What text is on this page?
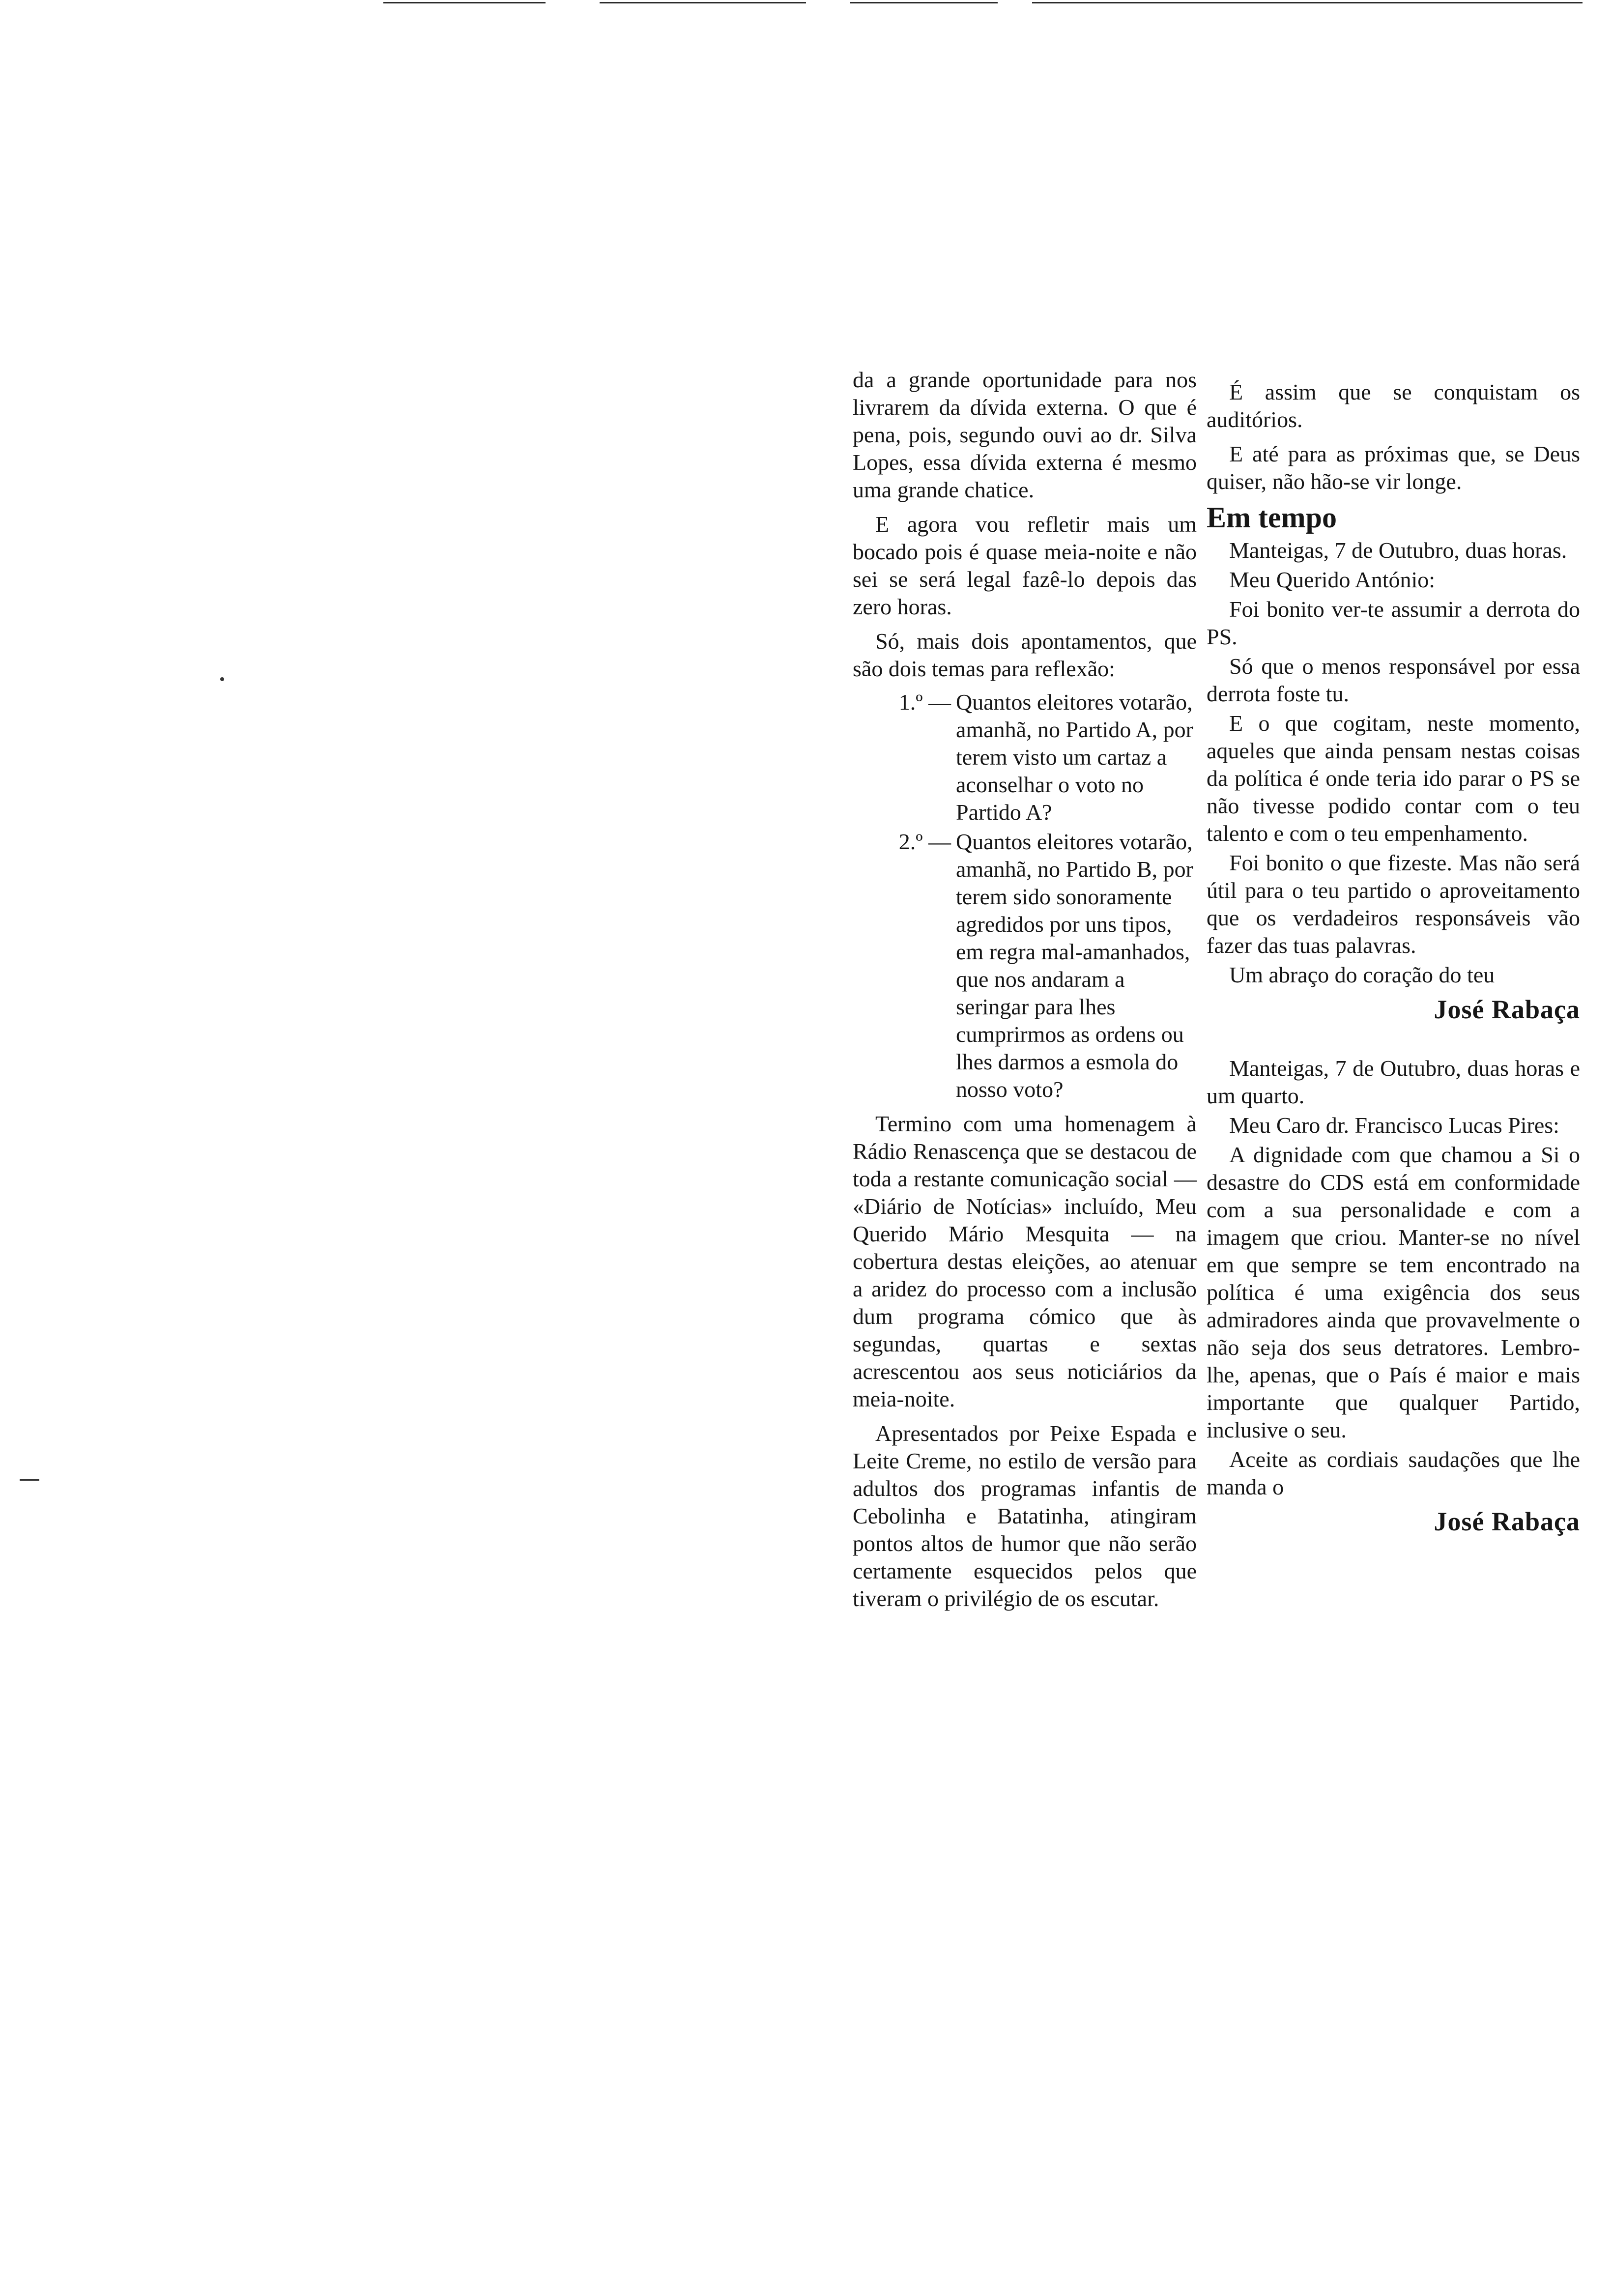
da a grande oportunidade para nos livrarem da dívida externa. O que é pena, pois, segundo ouvi ao dr. Silva Lopes, essa dívida externa é mesmo uma grande chatice.

E agora vou refletir mais um bocado pois é quase meia-noite e não sei se será legal fazê-lo depois das zero horas.

Só, mais dois apontamentos, que são dois temas para reflexão:

1.º — Quantos eleitores votarão, amanhã, no Partido A, por terem visto um cartaz a aconselhar o voto no Partido A?
2.º — Quantos eleitores votarão, amanhã, no Partido B, por terem sido sonoramente agredidos por uns tipos, em regra mal-amanhados, que nos andaram a seringar para lhes cumprirmos as ordens ou lhes darmos a esmola do nosso voto?

Termino com uma homenagem à Rádio Renascença que se destacou de toda a restante comunicação social — «Diário de Notícias» incluído, Meu Querido Mário Mesquita — na cobertura destas eleições, ao atenuar a aridez do processo com a inclusão dum programa cómico que às segundas, quartas e sextas acrescentou aos seus noticiários da meia-noite.

Apresentados por Peixe Espada e Leite Creme, no estilo de versão para adultos dos programas infantis de Cebolinha e Batatinha, atingiram pontos altos de humor que não serão certamente esquecidos pelos que tiveram o privilégio de os escutar.

É assim que se conquistam os auditórios.

E até para as próximas que, se Deus quiser, não hão-se vir longe.

Em tempo

Manteigas, 7 de Outubro, duas horas.

Meu Querido António:

Foi bonito ver-te assumir a derrota do PS.

Só que o menos responsável por essa derrota foste tu.

E o que cogitam, neste momento, aqueles que ainda pensam nestas coisas da política é onde teria ido parar o PS se não tivesse podido contar com o teu talento e com o teu empenhamento.

Foi bonito o que fizeste. Mas não será útil para o teu partido o aproveitamento que os verdadeiros responsáveis vão fazer das tuas palavras.

Um abraço do coração do teu

José Rabaça

Manteigas, 7 de Outubro, duas horas e um quarto.

Meu Caro dr. Francisco Lucas Pires:

A dignidade com que chamou a Si o desastre do CDS está em conformidade com a sua personalidade e com a imagem que criou. Manter-se no nível em que sempre se tem encontrado na política é uma exigência dos seus admiradores ainda que provavelmente o não seja dos seus detratores. Lembro-lhe, apenas, que o País é maior e mais importante que qualquer Partido, inclusive o seu.

Aceite as cordiais saudações que lhe manda o

José Rabaça
